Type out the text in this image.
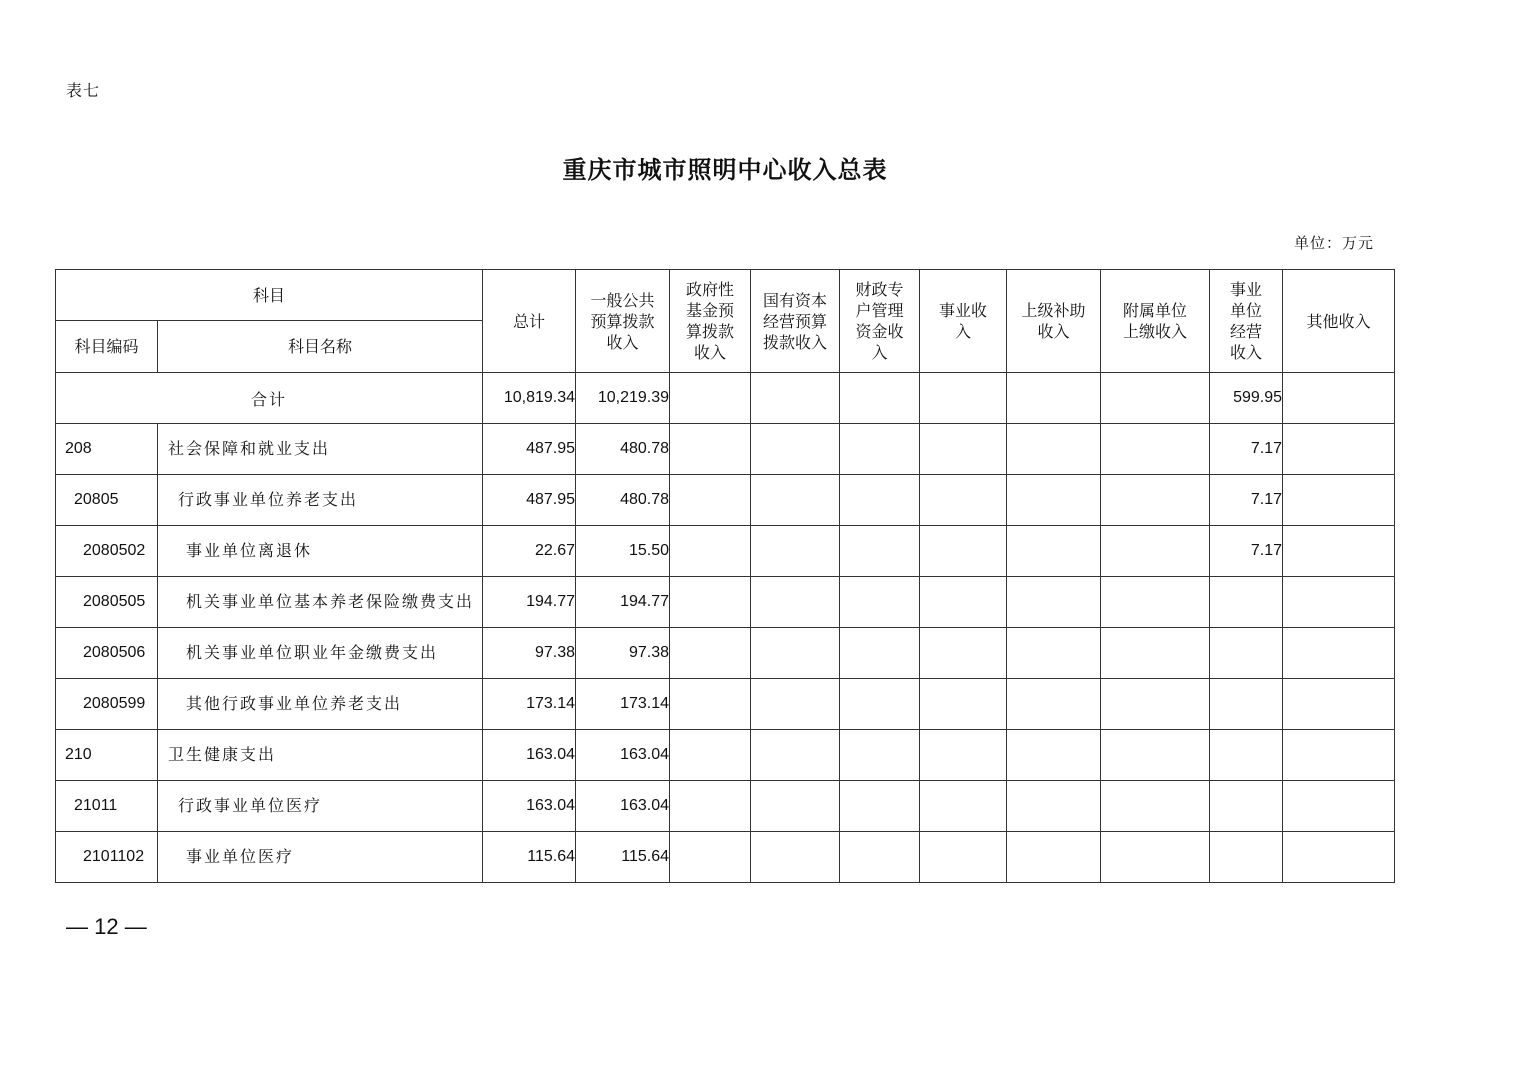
表七
重庆市城市照明中心收入总表
单位：万元
科目		总计	一般公共预算拨款收入	政府性基金预算拨款收入	国有资本经营预算拨款收入	财政专户管理资金收入	事业收入	上级补助收入	附属单位上缴收入	事业单位经营收入	其他收入
科目编码	科目名称										
合计		10,819.34	10,219.39							599.95	
208	社会保障和就业支出	487.95	480.78							7.17	
20805	行政事业单位养老支出	487.95	480.78							7.17	
2080502	事业单位离退休	22.67	15.50							7.17	
2080505	机关事业单位基本养老保险缴费支出	194.77	194.77								
2080506	机关事业单位职业年金缴费支出	97.38	97.38								
2080599	其他行政事业单位养老支出	173.14	173.14								
210	卫生健康支出	163.04	163.04								
21011	行政事业单位医疗	163.04	163.04								
2101102	事业单位医疗	115.64	115.64								
— 12 —
